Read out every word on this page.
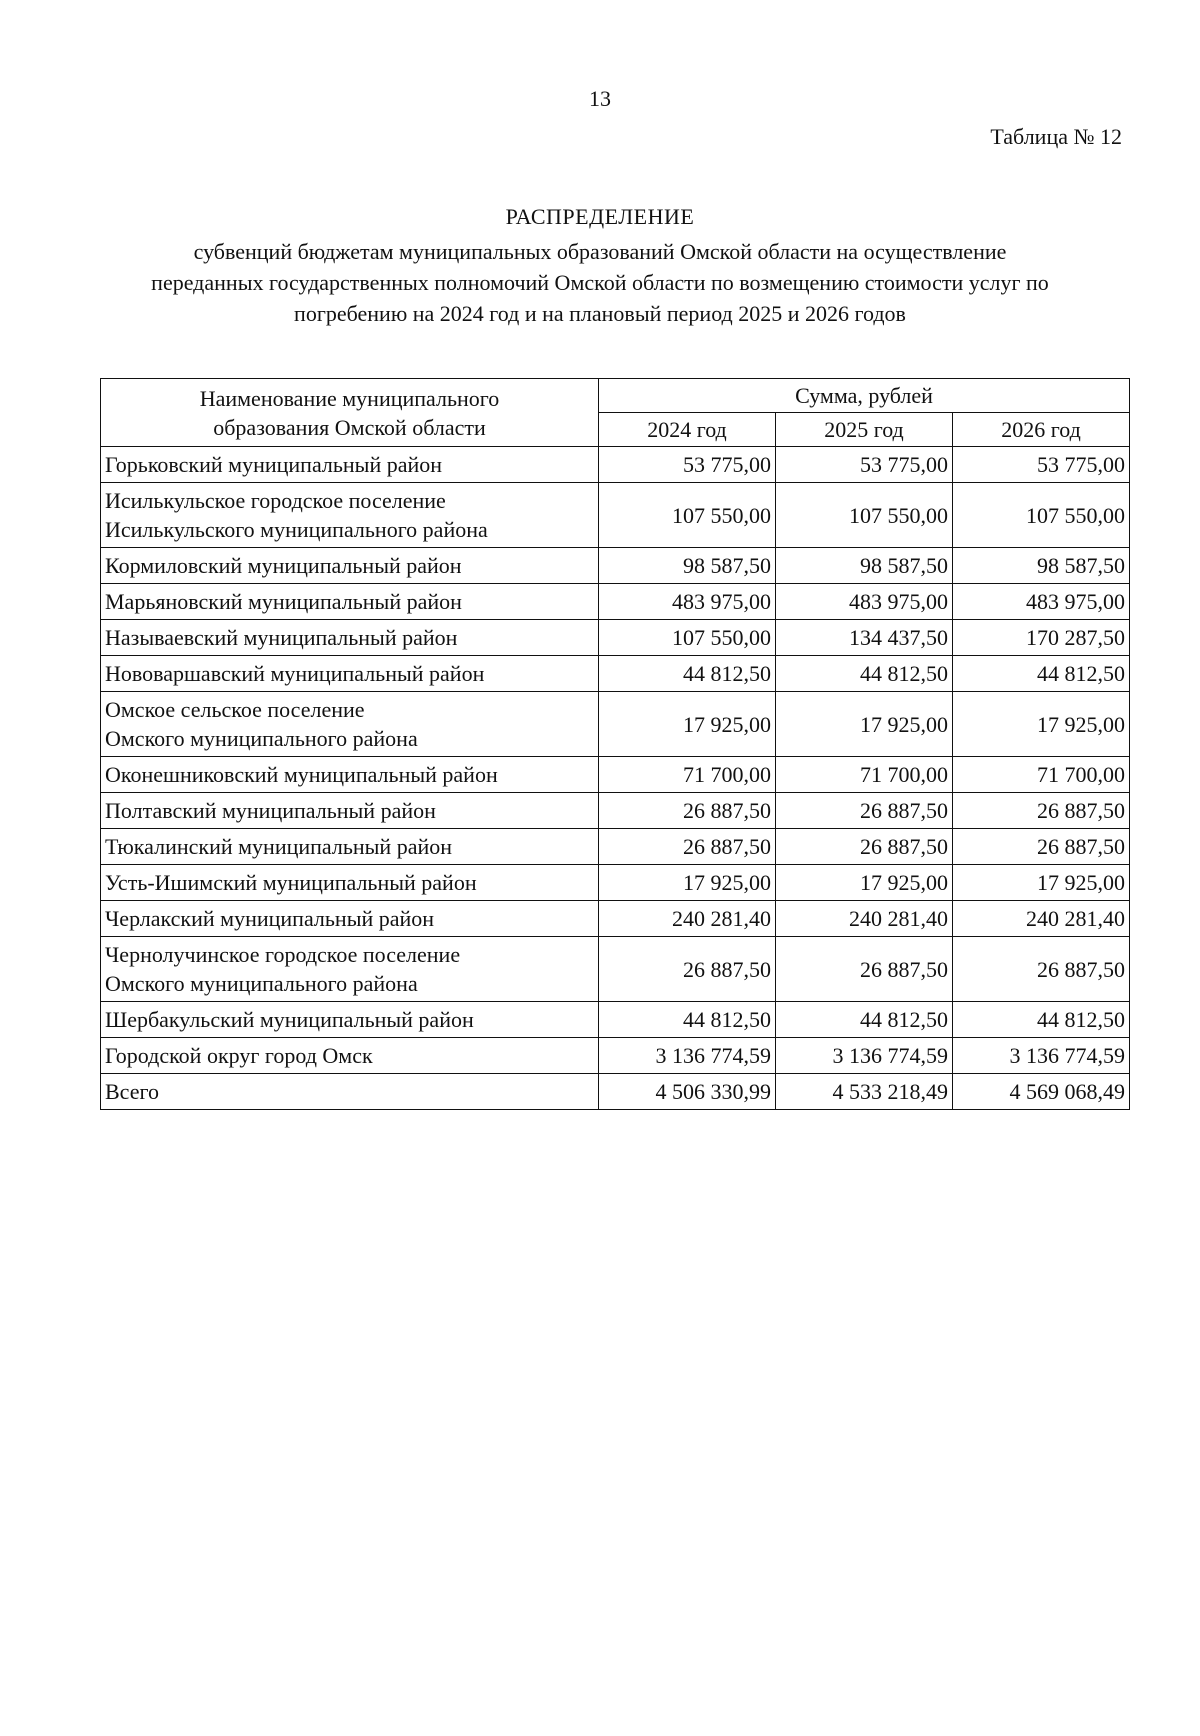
13
Таблица № 12
РАСПРЕДЕЛЕНИЕ
субвенций бюджетам муниципальных образований Омской области на осуществление
переданных государственных полномочий Омской области по возмещению стоимости услуг по
погребению на 2024 год и на плановый период 2025 и 2026 годов
Наименование муниципального
образования Омской области	Сумма, рублей		
	2024 год	2025 год	2026 год

Горьковский муниципальный район	53 775,00	53 775,00	53 775,00

Исилькульское городское поселение
Исилькульского муниципального района	107 550,00	107 550,00	107 550,00

Кормиловский муниципальный район	98 587,50	98 587,50	98 587,50

Марьяновский муниципальный район	483 975,00	483 975,00	483 975,00

Называевский муниципальный район	107 550,00	134 437,50	170 287,50

Нововаршавский муниципальный район	44 812,50	44 812,50	44 812,50

Омское сельское поселение
Омского муниципального района	17 925,00	17 925,00	17 925,00

Оконешниковский муниципальный район	71 700,00	71 700,00	71 700,00

Полтавский муниципальный район	26 887,50	26 887,50	26 887,50

Тюкалинский муниципальный район	26 887,50	26 887,50	26 887,50

Усть-Ишимский муниципальный район	17 925,00	17 925,00	17 925,00

Черлакский муниципальный район	240 281,40	240 281,40	240 281,40

Чернолучинское городское поселение
Омского муниципального района	26 887,50	26 887,50	26 887,50

Шербакульский муниципальный район	44 812,50	44 812,50	44 812,50

Городской округ город Омск	3 136 774,59	3 136 774,59	3 136 774,59

Всего	4 506 330,99	4 533 218,49	4 569 068,49
